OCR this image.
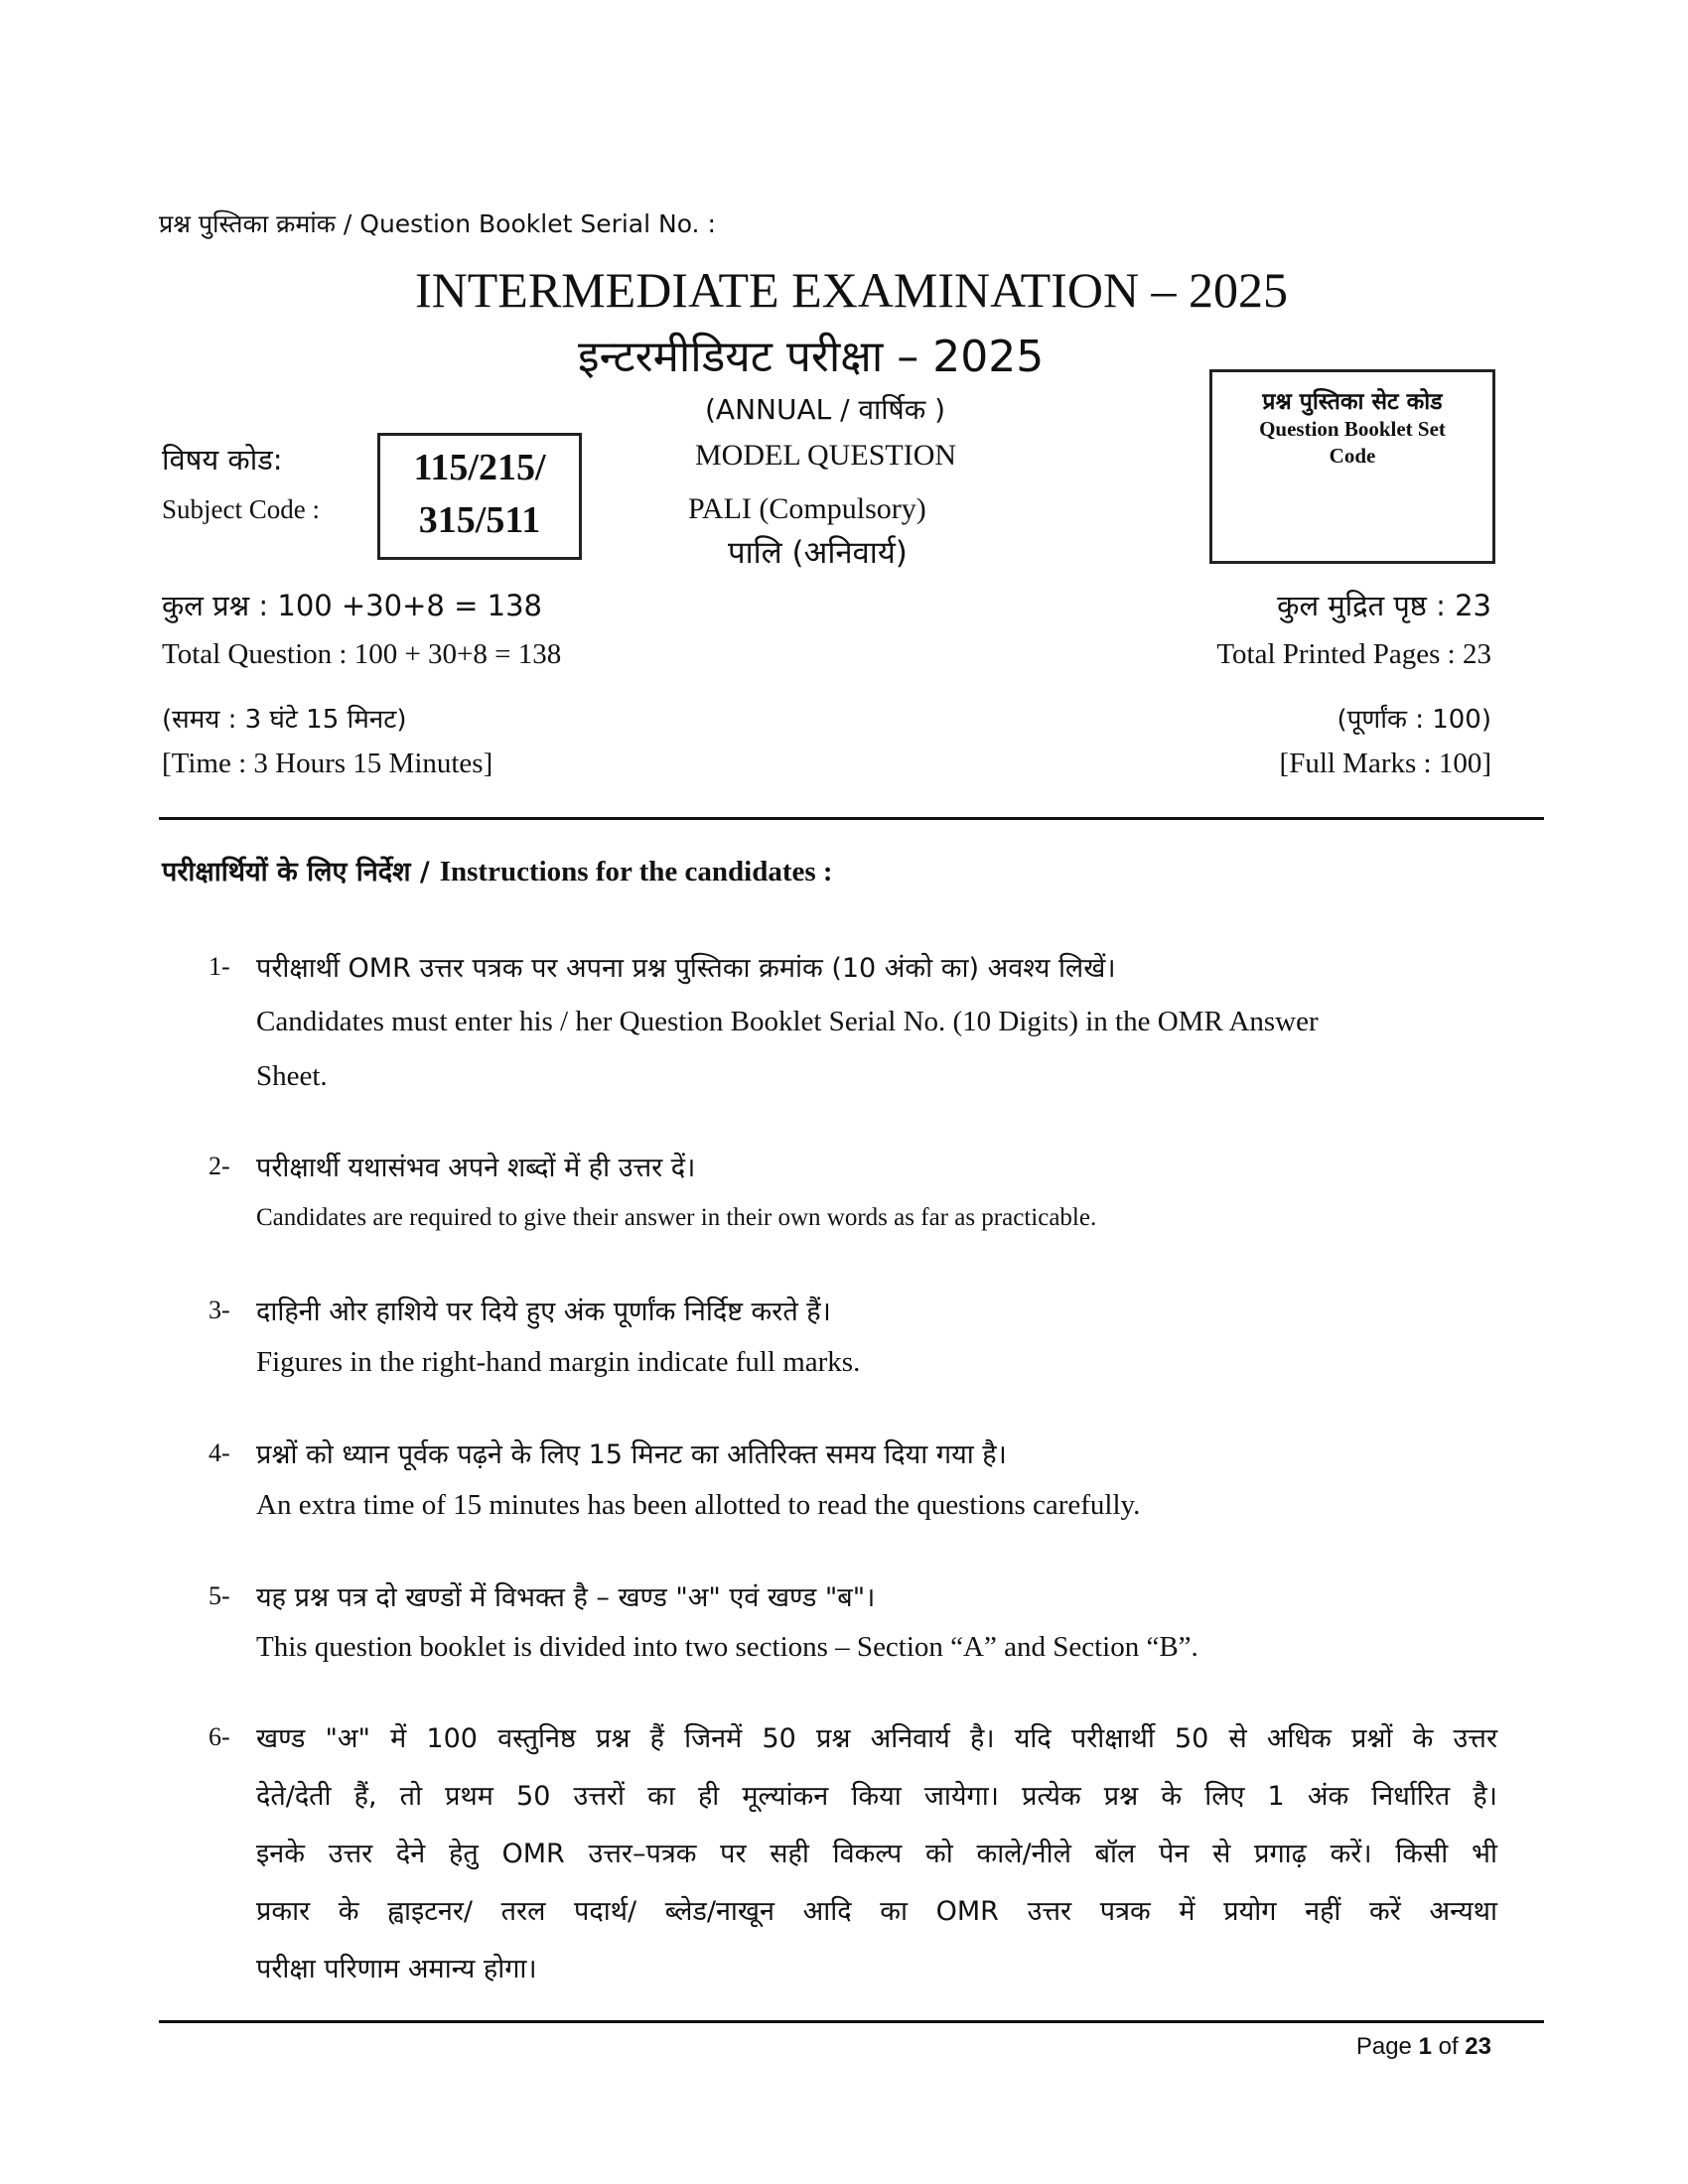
प्रश्न पुस्तिका क्रमांक / Question Booklet Serial No. :
INTERMEDIATE EXAMINATION – 2025
इन्टरमीडियट परीक्षा – 2025
(ANNUAL / वार्षिक )
MODEL QUESTION
PALI (Compulsory)
पालि (अनिवार्य)
विषय कोड:
Subject Code :
115/215/
315/511
प्रश्न पुस्तिका सेट कोड
Question Booklet Set
Code
कुल प्रश्न : 100 +30+8 = 138
Total Question : 100 + 30+8 = 138
कुल मुद्रित पृष्ठ : 23
Total Printed Pages : 23
(समय : 3 घंटे 15 मिनट)
[Time : 3 Hours 15 Minutes]
(पूर्णांक : 100)
[Full Marks : 100]
परीक्षार्थियों के लिए निर्देश / Instructions for the candidates :
1- परीक्षार्थी OMR उत्तर पत्रक पर अपना प्रश्न पुस्तिका क्रमांक (10 अंको का) अवश्य लिखें।
Candidates must enter his / her Question Booklet Serial No. (10 Digits) in the OMR Answer
Sheet.
2- परीक्षार्थी यथासंभव अपने शब्दों में ही उत्तर दें।
Candidates are required to give their answer in their own words as far as practicable.
3- दाहिनी ओर हाशिये पर दिये हुए अंक पूर्णांक निर्दिष्ट करते हैं।
Figures in the right-hand margin indicate full marks.
4- प्रश्नों को ध्यान पूर्वक पढ़ने के लिए 15 मिनट का अतिरिक्त समय दिया गया है।
An extra time of 15 minutes has been allotted to read the questions carefully.
5- यह प्रश्न पत्र दो खण्डों में विभक्त है – खण्ड "अ" एवं खण्ड "ब"।
This question booklet is divided into two sections – Section “A” and Section “B”.
6- खण्ड "अ" में 100 वस्तुनिष्ठ प्रश्न हैं जिनमें 50 प्रश्न अनिवार्य है। यदि परीक्षार्थी 50 से अधिक प्रश्नों के उत्तर
देते/देती हैं, तो प्रथम 50 उत्तरों का ही मूल्यांकन किया जायेगा। प्रत्येक प्रश्न के लिए 1 अंक निर्धारित है।
इनके उत्तर देने हेतु OMR उत्तर–पत्रक पर सही विकल्प को काले/नीले बॉल पेन से प्रगाढ़ करें। किसी भी
प्रकार के ह्वाइटनर/ तरल पदार्थ/ ब्लेड/नाखून आदि का OMR उत्तर पत्रक में प्रयोग नहीं करें अन्यथा
परीक्षा परिणाम अमान्य होगा।
Page 1 of 23
